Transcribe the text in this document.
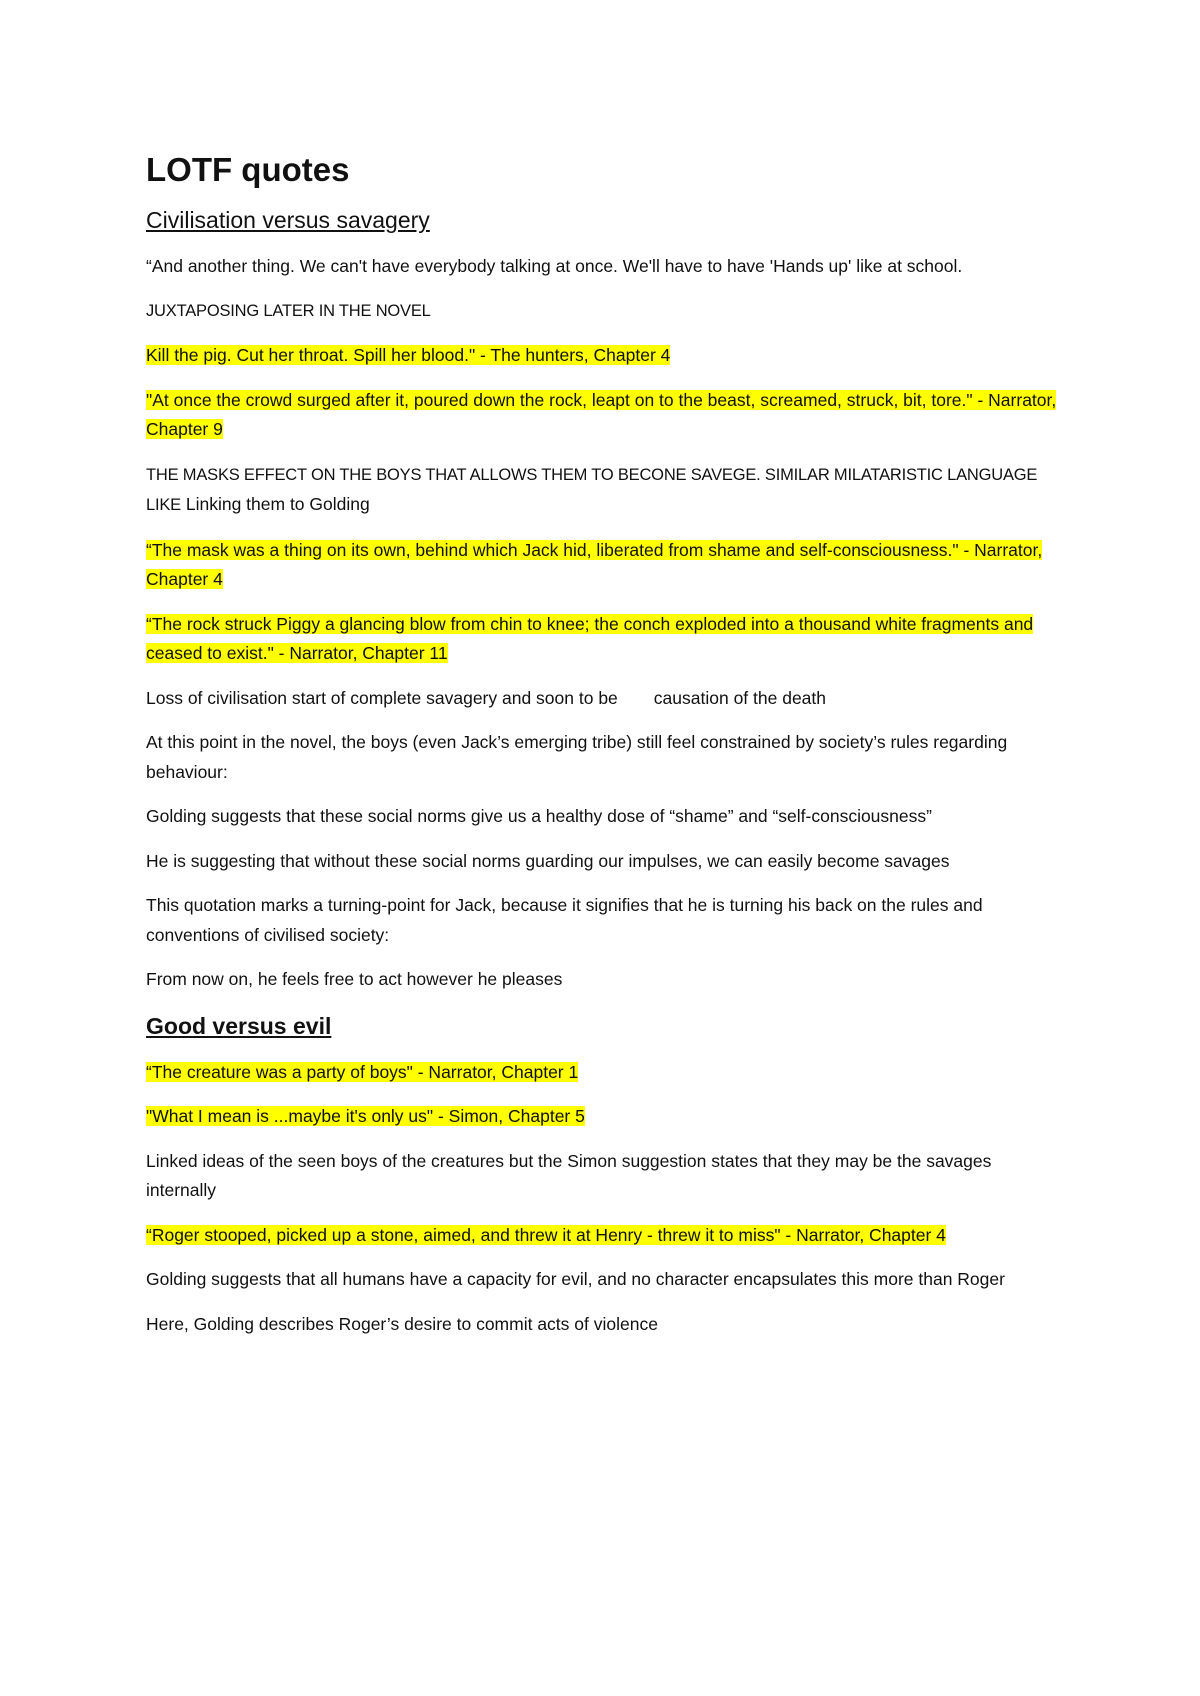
LOTF quotes
Civilisation versus savagery

“And another thing. We can't have everybody talking at once. We'll have to have 'Hands up' like at school.

JUXTAPOSING LATER IN THE NOVEL

Kill the pig. Cut her throat. Spill her blood." - The hunters, Chapter 4

"At once the crowd surged after it, poured down the rock, leapt on to the beast, screamed, struck, bit, tore." - Narrator, Chapter 9

THE MASKS EFFECT ON THE BOYS THAT ALLOWS THEM TO BECONE SAVEGE. SIMILAR MILATARISTIC LANGUAGE LIKE Linking them to Golding

“The mask was a thing on its own, behind which Jack hid, liberated from shame and self-consciousness." - Narrator, Chapter 4

“The rock struck Piggy a glancing blow from chin to knee; the conch exploded into a thousand white fragments and ceased to exist." - Narrator, Chapter 11

Loss of civilisation start of complete savagery and soon to be causation of the death

At this point in the novel, the boys (even Jack’s emerging tribe) still feel constrained by society’s rules regarding behaviour:

Golding suggests that these social norms give us a healthy dose of “shame” and “self-consciousness”

He is suggesting that without these social norms guarding our impulses, we can easily become savages

This quotation marks a turning-point for Jack, because it signifies that he is turning his back on the rules and conventions of civilised society:

From now on, he feels free to act however he pleases

Good versus evil

“The creature was a party of boys" - Narrator, Chapter 1

"What I mean is ...maybe it's only us" - Simon, Chapter 5

Linked ideas of the seen boys of the creatures but the Simon suggestion states that they may be the savages internally

“Roger stooped, picked up a stone, aimed, and threw it at Henry - threw it to miss" - Narrator, Chapter 4

Golding suggests that all humans have a capacity for evil, and no character encapsulates this more than Roger

Here, Golding describes Roger’s desire to commit acts of violence
